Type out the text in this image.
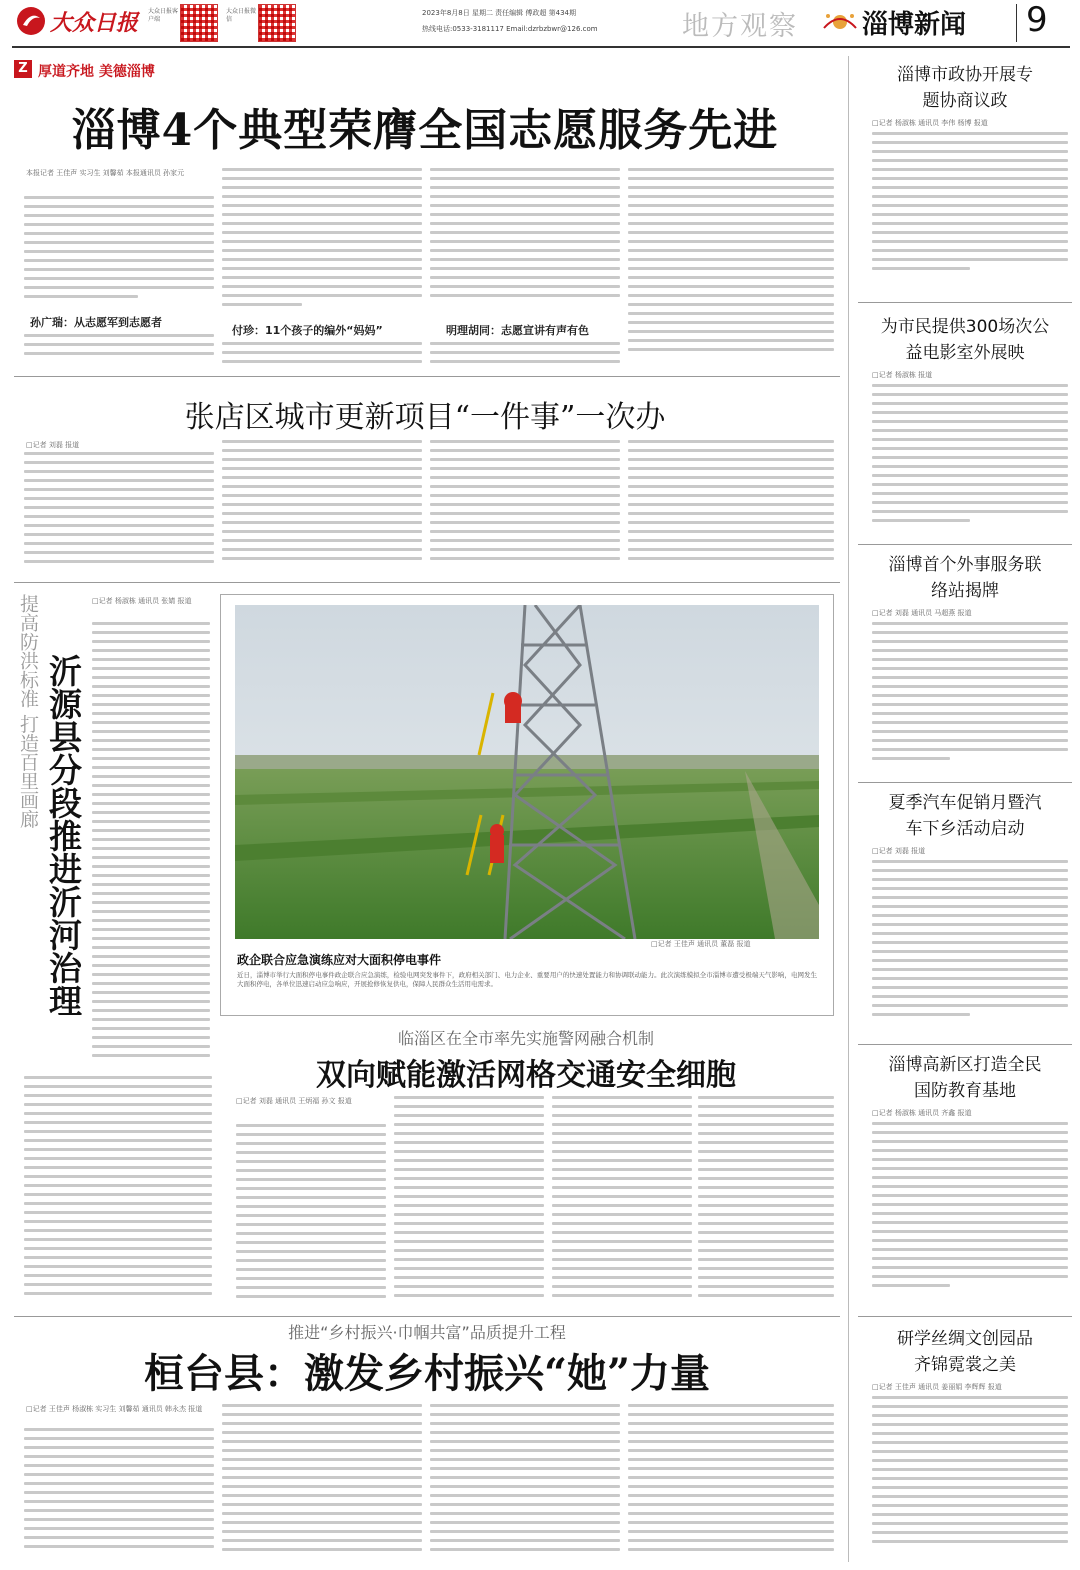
大众日报 大众日报客户端
大众日报微信
2023年8月8日 星期二 责任编辑 傅政超 第434期
热线电话:0533-3181117 Email:dzrbzbwr@126.com	地方观察 淄博新闻 9
Z 厚道齐地 美德淄博
淄博4个典型荣膺全国志愿服务先进
本报记者 王佳声 实习生 刘馨茹 本报通讯员 孙家元
孙广瑞：从志愿军到志愿者
付珍：11个孩子的编外“妈妈”	明理胡同：志愿宣讲有声有色
张店区城市更新项目“一件事”一次办
□记者 刘磊 报道
提高防洪标准 打造百里画廊 沂源县分段推进沂河治理
□记者 杨淑栋 通讯员 张婧 报道
□记者 王佳声 通讯员 董磊 报道
政企联合应急演练应对大面积停电事件
近日，淄博市举行大面积停电事件政企联合应急演练，检验电网突发事件下，政府相关部门、电力企业、重要用户的快速处置能力和协调联动能力。此次演练模拟全市淄博市遭受极端天气影响，电网发生大面积停电，各单位迅速启动应急响应，开展抢修恢复供电，保障人民群众生活用电需求。
临淄区在全市率先实施警网融合机制
双向赋能激活网格交通安全细胞
□记者 刘磊 通讯员 王炳福 孙文 报道
推进“乡村振兴·巾帼共富”品质提升工程
桓台县：激发乡村振兴“她”力量
□记者 王佳声 杨淑栋 实习生 刘馨茹 通讯员 韩永杰 报道
淄博市政协开展专题协商议政
□记者 杨淑栋 通讯员 李伟 杨博 报道
为市民提供300场次公益电影室外展映
□记者 杨淑栋 报道
淄博首个外事服务联络站揭牌
□记者 刘磊 通讯员 马超燕 报道
夏季汽车促销月暨汽车下乡活动启动
□记者 刘磊 报道
淄博高新区打造全民国防教育基地
□记者 杨淑栋 通讯员 齐鑫 报道
研学丝绸文创园品齐锦霓裳之美
□记者 王佳声 通讯员 姜丽娟 李辉辉 报道
